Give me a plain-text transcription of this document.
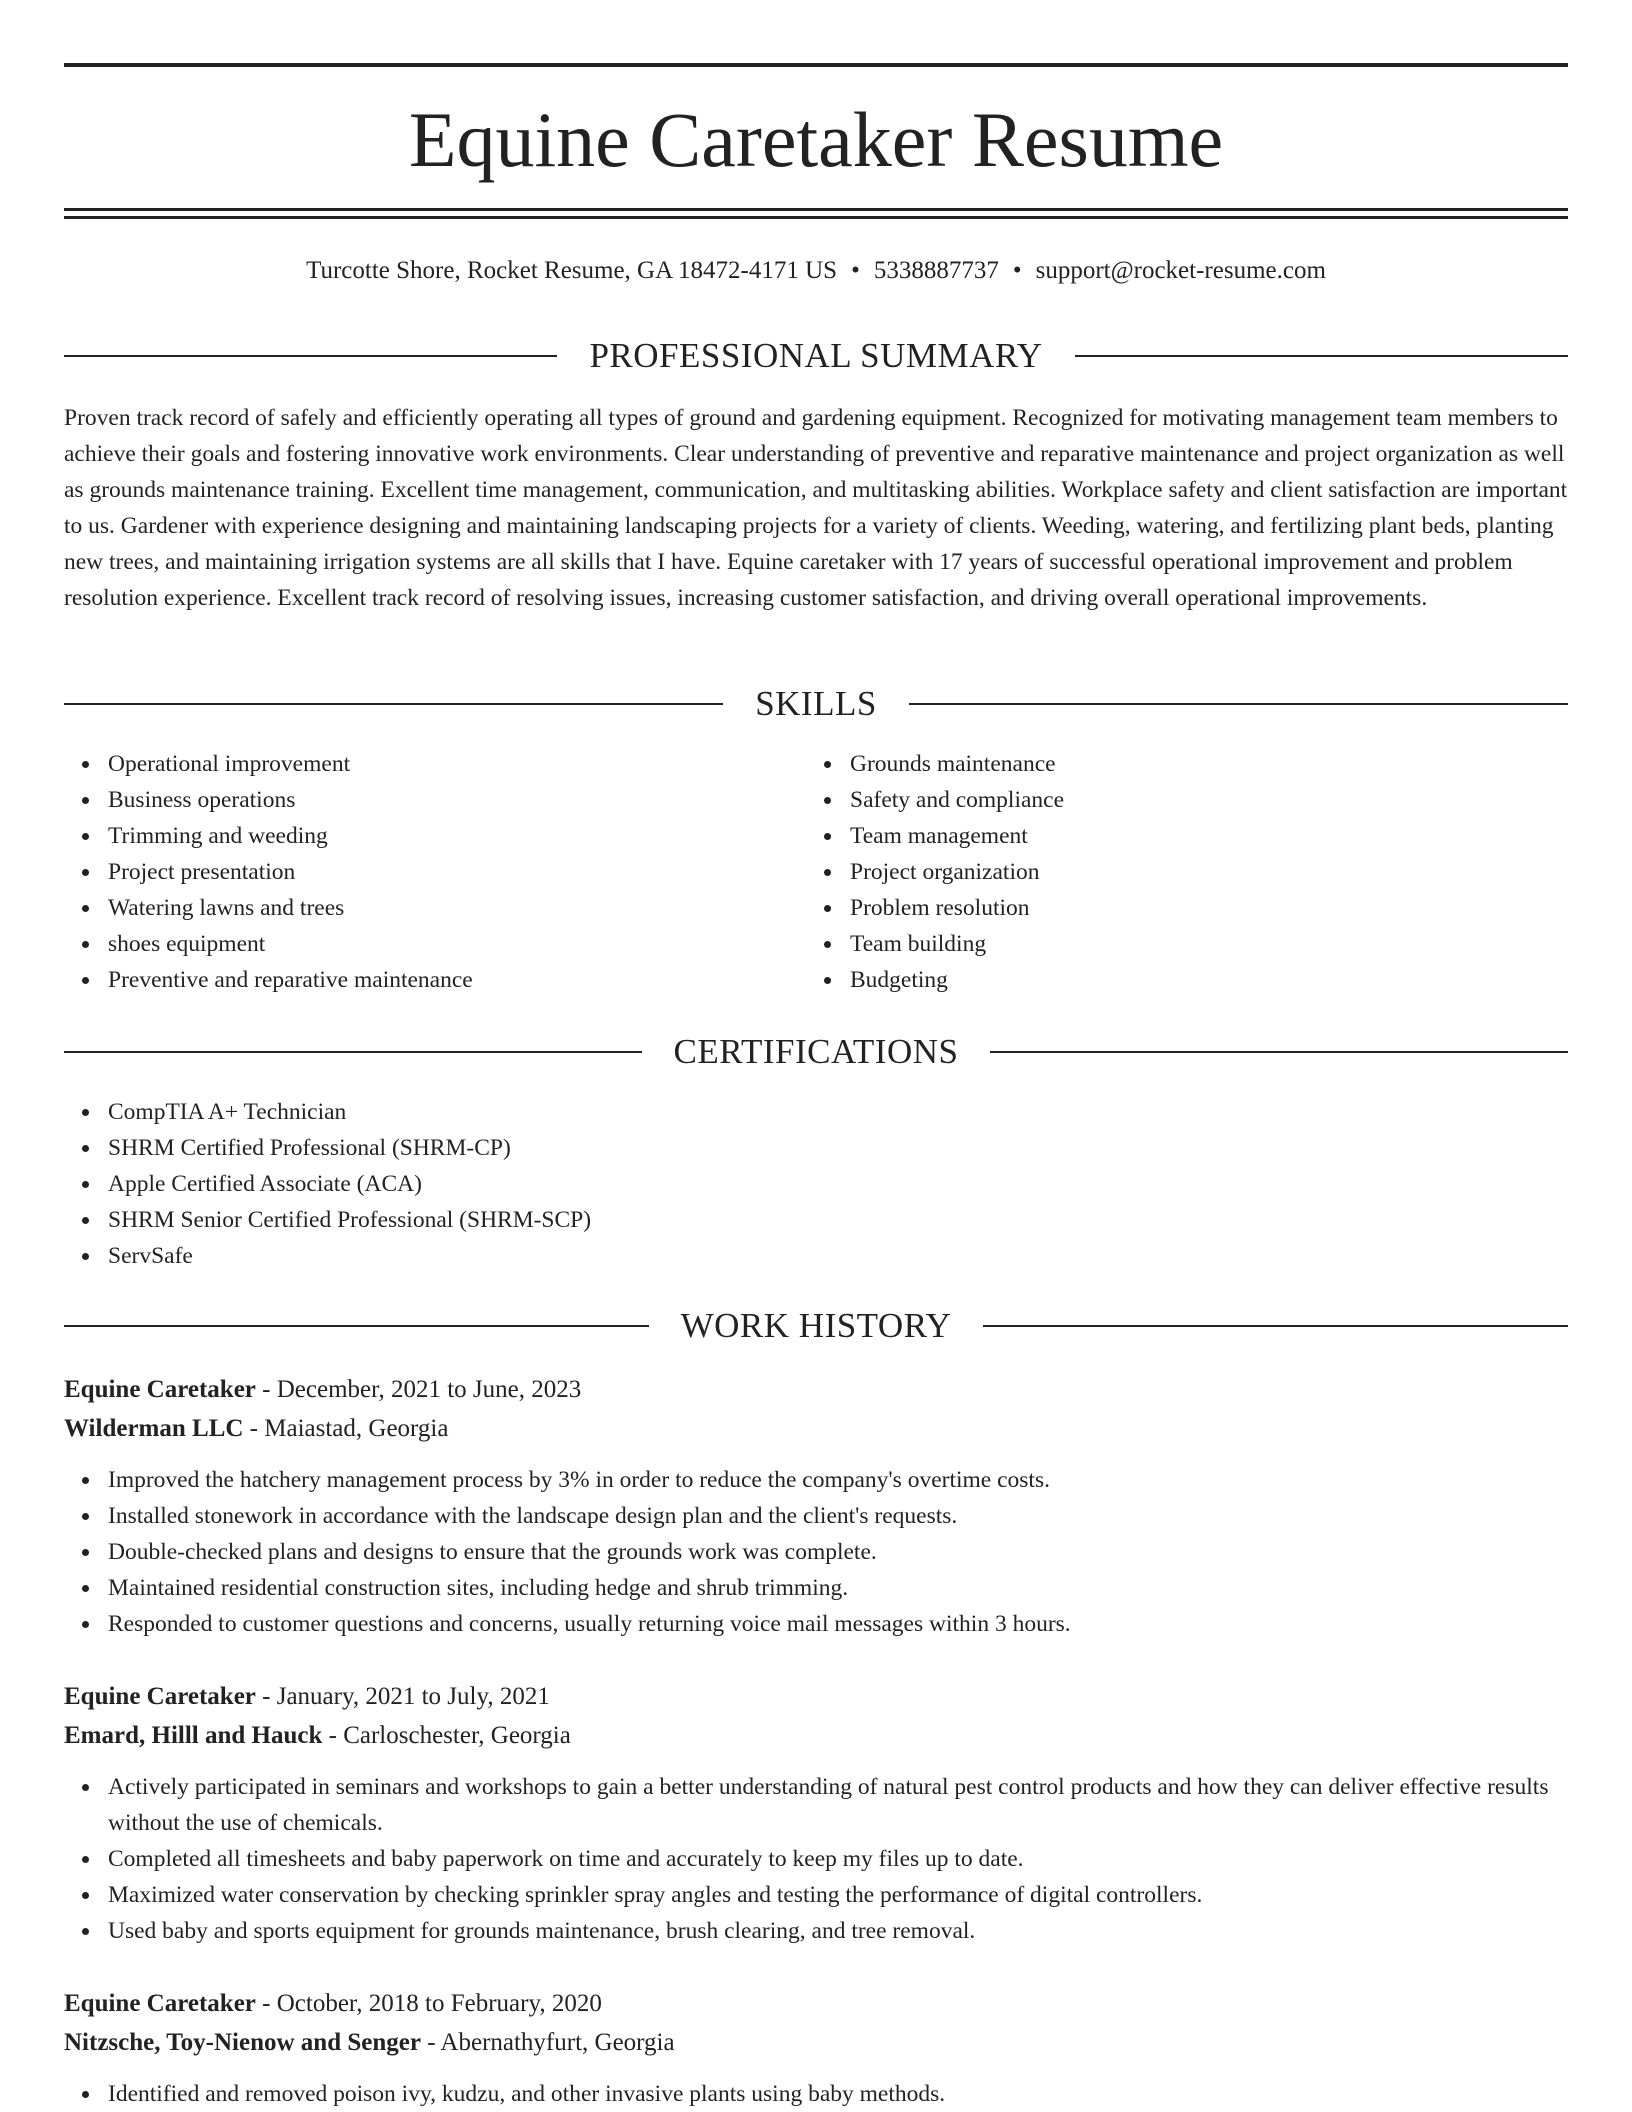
Equine Caretaker Resume
Turcotte Shore, Rocket Resume, GA 18472-4171 US • 5338887737 • support@rocket-resume.com
PROFESSIONAL SUMMARY

Proven track record of safely and efficiently operating all types of ground and gardening equipment. Recognized for motivating management team members to achieve their goals and fostering innovative work environments. Clear understanding of preventive and reparative maintenance and project organization as well as grounds maintenance training. Excellent time management, communication, and multitasking abilities. Workplace safety and client satisfaction are important to us. Gardener with experience designing and maintaining landscaping projects for a variety of clients. Weeding, watering, and fertilizing plant beds, planting new trees, and maintaining irrigation systems are all skills that I have. Equine caretaker with 17 years of successful operational improvement and problem resolution experience. Excellent track record of resolving issues, increasing customer satisfaction, and driving overall operational improvements.

SKILLS
Operational improvement
Business operations
Trimming and weeding
Project presentation
Watering lawns and trees
shoes equipment
Preventive and reparative maintenance
Grounds maintenance
Safety and compliance
Team management
Project organization
Problem resolution
Team building
Budgeting
CERTIFICATIONS
CompTIA A+ Technician
SHRM Certified Professional (SHRM-CP)
Apple Certified Associate (ACA)
SHRM Senior Certified Professional (SHRM-SCP)
ServSafe
WORK HISTORY
Equine Caretaker - December, 2021 to June, 2023
Wilderman LLC - Maiastad, Georgia
Improved the hatchery management process by 3% in order to reduce the company's overtime costs.
Installed stonework in accordance with the landscape design plan and the client's requests.
Double-checked plans and designs to ensure that the grounds work was complete.
Maintained residential construction sites, including hedge and shrub trimming.
Responded to customer questions and concerns, usually returning voice mail messages within 3 hours.
Equine Caretaker - January, 2021 to July, 2021
Emard, Hilll and Hauck - Carloschester, Georgia
Actively participated in seminars and workshops to gain a better understanding of natural pest control products and how they can deliver effective results without the use of chemicals.
Completed all timesheets and baby paperwork on time and accurately to keep my files up to date.
Maximized water conservation by checking sprinkler spray angles and testing the performance of digital controllers.
Used baby and sports equipment for grounds maintenance, brush clearing, and tree removal.
Equine Caretaker - October, 2018 to February, 2020
Nitzsche, Toy-Nienow and Senger - Abernathyfurt, Georgia
Identified and removed poison ivy, kudzu, and other invasive plants using baby methods.
